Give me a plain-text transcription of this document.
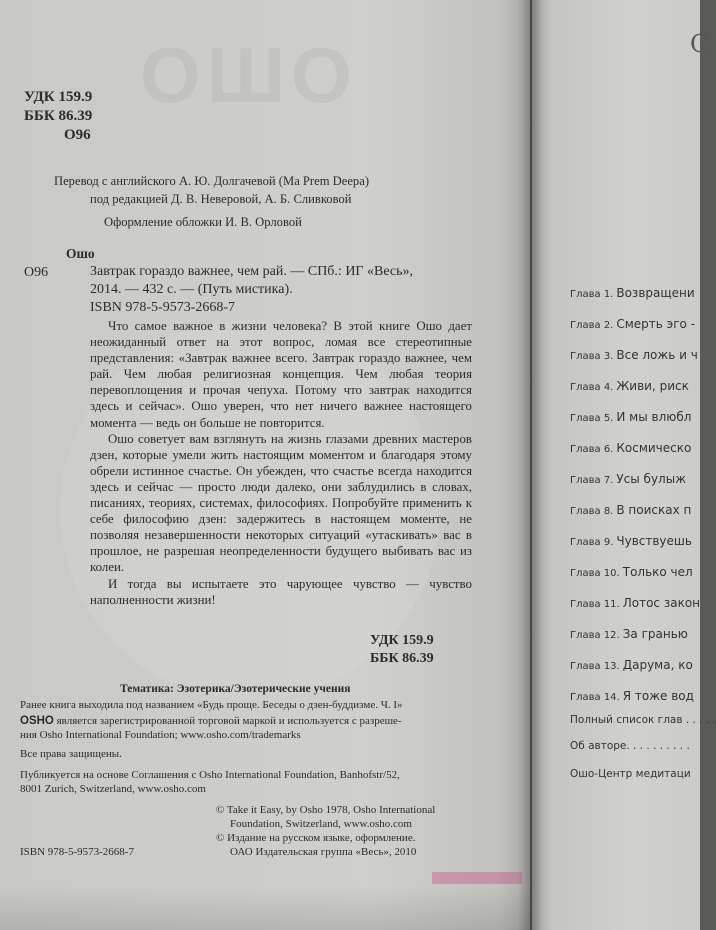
ОШО
УДК 159.9
ББК 86.39
О96
Перевод с английского А. Ю. Долгачевой (Ma Prem Deepa)
под редакцией Д. В. Неверовой, А. Б. Сливковой
Оформление обложки И. В. Орловой
Ошо
О96	Завтрак гораздо важнее, чем рай. — СПб.: ИГ «Весь»,
2014. — 432 с. — (Путь мистика).
ISBN 978-5-9573-2668-7

Что самое важное в жизни человека? В этой книге Ошо дает неожиданный ответ на этот вопрос, ломая все стереотипные представления: «Завтрак важнее всего. Завтрак гораздо важнее, чем рай. Чем любая религиозная концепция. Чем любая теория перевоплощения и прочая чепуха. Потому что завтрак находится здесь и сейчас». Ошо уверен, что нет ничего важнее настоящего момента — ведь он больше не повторится.

Ошо советует вам взглянуть на жизнь глазами древних мастеров дзен, которые умели жить настоящим моментом и благодаря этому обрели истинное счастье. Он убежден, что счастье всегда находится здесь и сейчас — просто люди далеко, они заблудились в словах, писаниях, теориях, системах, философиях. Попробуйте применить к себе философию дзен: задержитесь в настоящем моменте, не позволяя незавершенности некоторых ситуаций «утаскивать» вас в прошлое, не разрешая неопределенности будущего выбивать вас из колеи.

И тогда вы испытаете это чарующее чувство — чувство наполненности жизни!

УДК 159.9
ББК 86.39
Тематика: Эзотерика/Эзотерические учения
Ранее книга выходила под названием «Будь проще. Беседы о дзен-буддизме. Ч. I»
OSHO является зарегистрированной торговой маркой и используется с разреше-
ния Osho International Foundation; www.osho.com/trademarks
Все права защищены.
Публикуется на основе Соглашения с Osho International Foundation, Banhofstr/52,
8001 Zurich, Switzerland, www.osho.com
© Take it Easy, by Osho 1978, Osho International
Foundation, Switzerland, www.osho.com
© Издание на русском языке, оформление.
ОАО Издательская группа «Весь», 2010
ISBN 978-5-9573-2668-7
С
Глава 1. Возвращени
Глава 2. Смерть эго -
Глава 3. Все ложь и ч
Глава 4. Живи, риск
Глава 5. И мы влюбл
Глава 6. Космическо
Глава 7. Усы булыж
Глава 8. В поисках п
Глава 9. Чувствуешь
Глава 10. Только чел
Глава 11. Лотос закон
Глава 12. За гранью
Глава 13. Дарума, ко
Глава 14. Я тоже вод
Полный список глав . . . . .
Об авторе. . . . . . . . . .
Ошо-Центр медитаци
